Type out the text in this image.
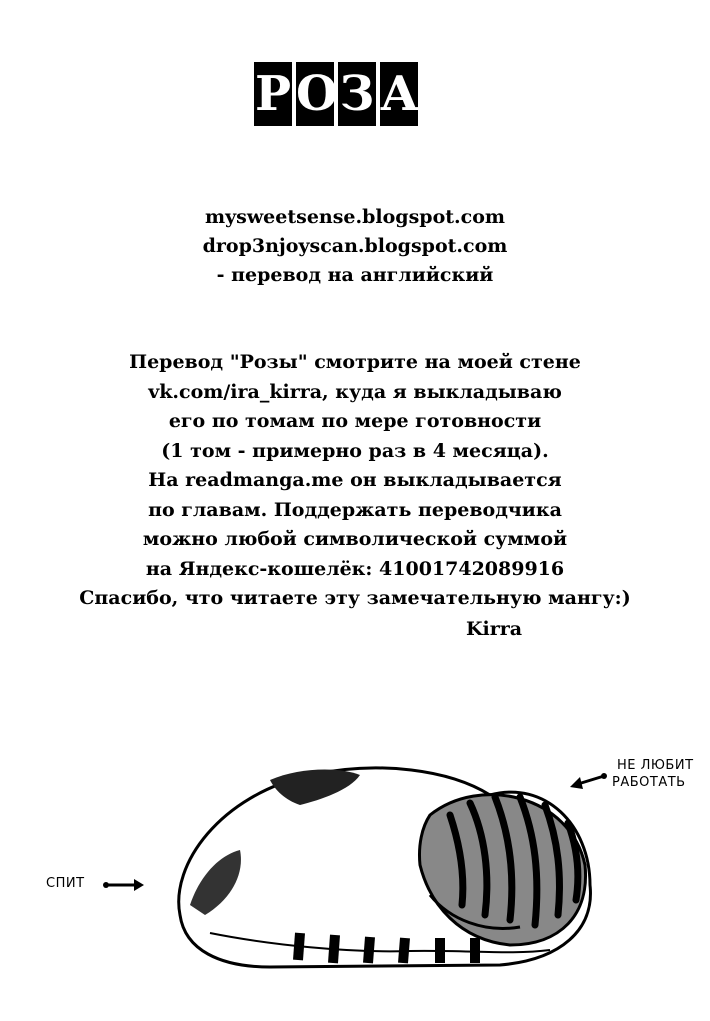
Р О З А
mysweetsense.blogspot.com
drop3njoyscan.blogspot.com
- перевод на английский
Перевод "Розы" смотрите на моей стене
vk.com/ira_kirra, куда я выкладываю
его по томам по мере готовности
(1 том - примерно раз в 4 месяца).
На readmanga.me он выкладывается
по главам. Поддержать переводчика
можно любой символической суммой
на Яндекс-кошелёк: 41001742089916
Спасибо, что читаете эту замечательную мангу:)
Kirra
СПИТ
НЕ ЛЮБИТ
РАБОТАТЬ
